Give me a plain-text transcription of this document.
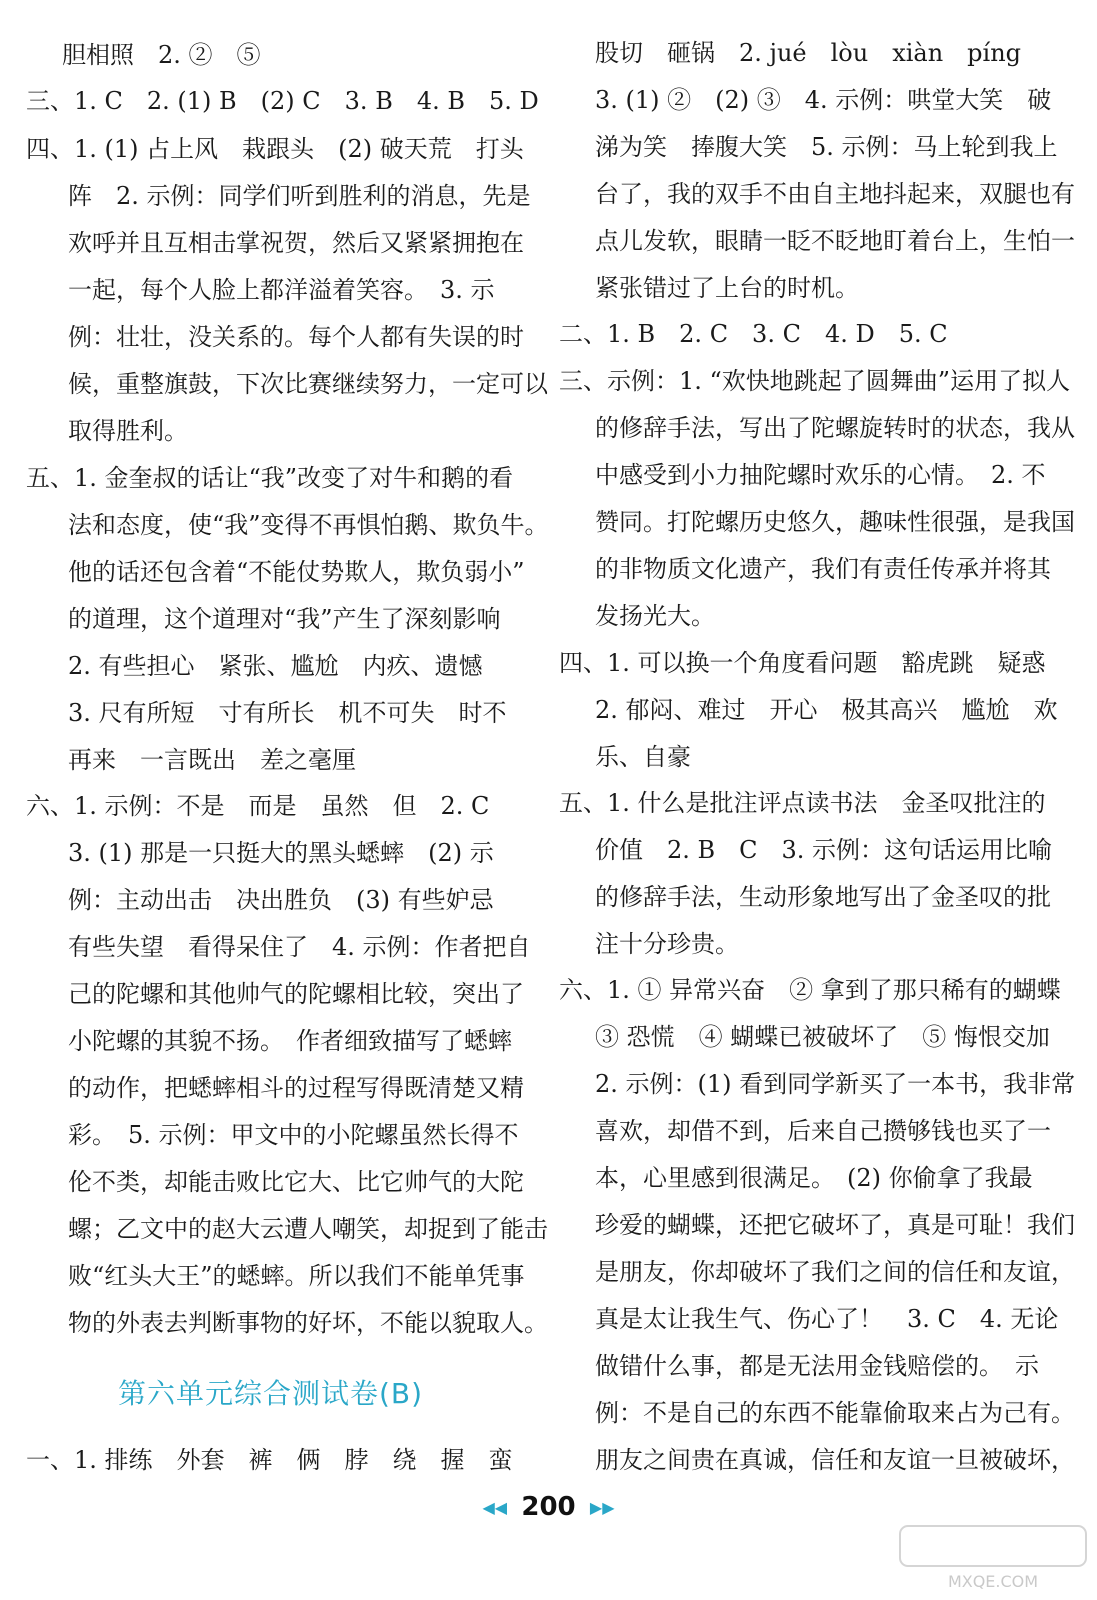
胆相照　2. ②　⑤
三、1. C　2. (1) B　(2) C　3. B　4. B　5. D
四、1. (1) 占上风　栽跟头　(2) 破天荒　打头
阵　2. 示例：同学们听到胜利的消息，先是
欢呼并且互相击掌祝贺，然后又紧紧拥抱在
一起，每个人脸上都洋溢着笑容。　3. 示
例：壮壮，没关系的。每个人都有失误的时
候，重整旗鼓，下次比赛继续努力，一定可以
取得胜利。
五、1. 金奎叔的话让“我”改变了对牛和鹅的看
法和态度，使“我”变得不再惧怕鹅、欺负牛。
他的话还包含着“不能仗势欺人，欺负弱小”
的道理，这个道理对“我”产生了深刻影响
2. 有些担心　紧张、尴尬　内疚、遗憾
3. 尺有所短　寸有所长　机不可失　时不
再来　一言既出　差之毫厘
六、1. 示例：不是　而是　虽然　但　2. C
3. (1) 那是一只挺大的黑头蟋蟀　(2) 示
例：主动出击　决出胜负　(3) 有些妒忌
有些失望　看得呆住了　4. 示例：作者把自
己的陀螺和其他帅气的陀螺相比较，突出了
小陀螺的其貌不扬。　作者细致描写了蟋蟀
的动作，把蟋蟀相斗的过程写得既清楚又精
彩。　5. 示例：甲文中的小陀螺虽然长得不
伦不类，却能击败比它大、比它帅气的大陀
螺；乙文中的赵大云遭人嘲笑，却捉到了能击
败“红头大王”的蟋蟀。所以我们不能单凭事
物的外表去判断事物的好坏，不能以貌取人。
一、1. 排练　外套　裤　俩　脖　绕　握　蛮
第六单元综合测试卷(B)
股切　砸锅　2. jué　lòu　xiàn　píng
3. (1) ②　(2) ③　4. 示例：哄堂大笑　破
涕为笑　捧腹大笑　5. 示例：马上轮到我上
台了，我的双手不由自主地抖起来，双腿也有
点儿发软，眼睛一眨不眨地盯着台上，生怕一
紧张错过了上台的时机。
二、1. B　2. C　3. C　4. D　5. C
三、示例：1. “欢快地跳起了圆舞曲”运用了拟人
的修辞手法，写出了陀螺旋转时的状态，我从
中感受到小力抽陀螺时欢乐的心情。　2. 不
赞同。打陀螺历史悠久，趣味性很强，是我国
的非物质文化遗产，我们有责任传承并将其
发扬光大。
四、1. 可以换一个角度看问题　豁虎跳　疑惑
2. 郁闷、难过　开心　极其高兴　尴尬　欢
乐、自豪
五、1. 什么是批注评点读书法　金圣叹批注的
价值　2. B　C　3. 示例：这句话运用比喻
的修辞手法，生动形象地写出了金圣叹的批
注十分珍贵。
六、1. ① 异常兴奋　② 拿到了那只稀有的蝴蝶
③ 恐慌　④ 蝴蝶已被破坏了　⑤ 悔恨交加
2. 示例：(1) 看到同学新买了一本书，我非常
喜欢，却借不到，后来自己攒够钱也买了一
本，心里感到很满足。　(2) 你偷拿了我最
珍爱的蝴蝶，还把它破坏了，真是可耻！我们
是朋友，你却破坏了我们之间的信任和友谊，
真是太让我生气、伤心了！　3. C　4. 无论
做错什么事，都是无法用金钱赔偿的。　示
例：不是自己的东西不能靠偷取来占为己有。
朋友之间贵在真诚，信任和友谊一旦被破坏，
◀◀ 200 ▶▶
MXQE.COM
